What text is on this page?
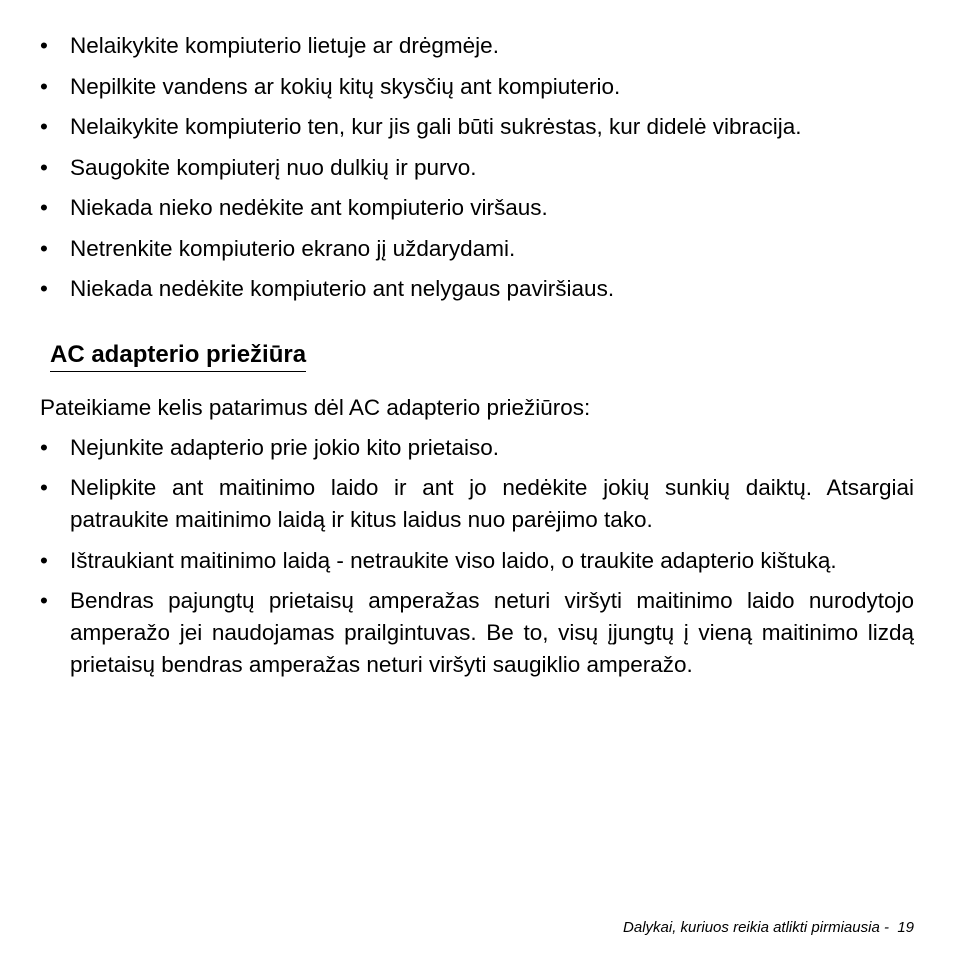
• Nelaikykite kompiuterio lietuje ar drėgmėje.
• Nepilkite vandens ar kokių kitų skysčių ant kompiuterio.
• Nelaikykite kompiuterio ten, kur jis gali būti sukrėstas, kur didelė vibracija.
• Saugokite kompiuterį nuo dulkių ir purvo.
• Niekada nieko nedėkite ant kompiuterio viršaus.
• Netrenkite kompiuterio ekrano jį uždarydami.
• Niekada nedėkite kompiuterio ant nelygaus paviršiaus.
AC adapterio priežiūra
Pateikiame kelis patarimus dėl AC adapterio priežiūros:
• Nejunkite adapterio prie jokio kito prietaiso.
• Nelipkite ant maitinimo laido ir ant jo nedėkite jokių sunkių daiktų. Atsargiai patraukite maitinimo laidą ir kitus laidus nuo parėjimo tako.
• Ištraukiant maitinimo laidą - netraukite viso laido, o traukite adapterio kištuką.
• Bendras pajungtų prietaisų amperažas neturi viršyti maitinimo laido nurodytojo amperažo jei naudojamas prailgintuvas. Be to, visų įjungtų į vieną maitinimo lizdą prietaisų bendras amperažas neturi viršyti saugiklio amperažo.
Dalykai, kuriuos reikia atlikti pirmiausia - 19
